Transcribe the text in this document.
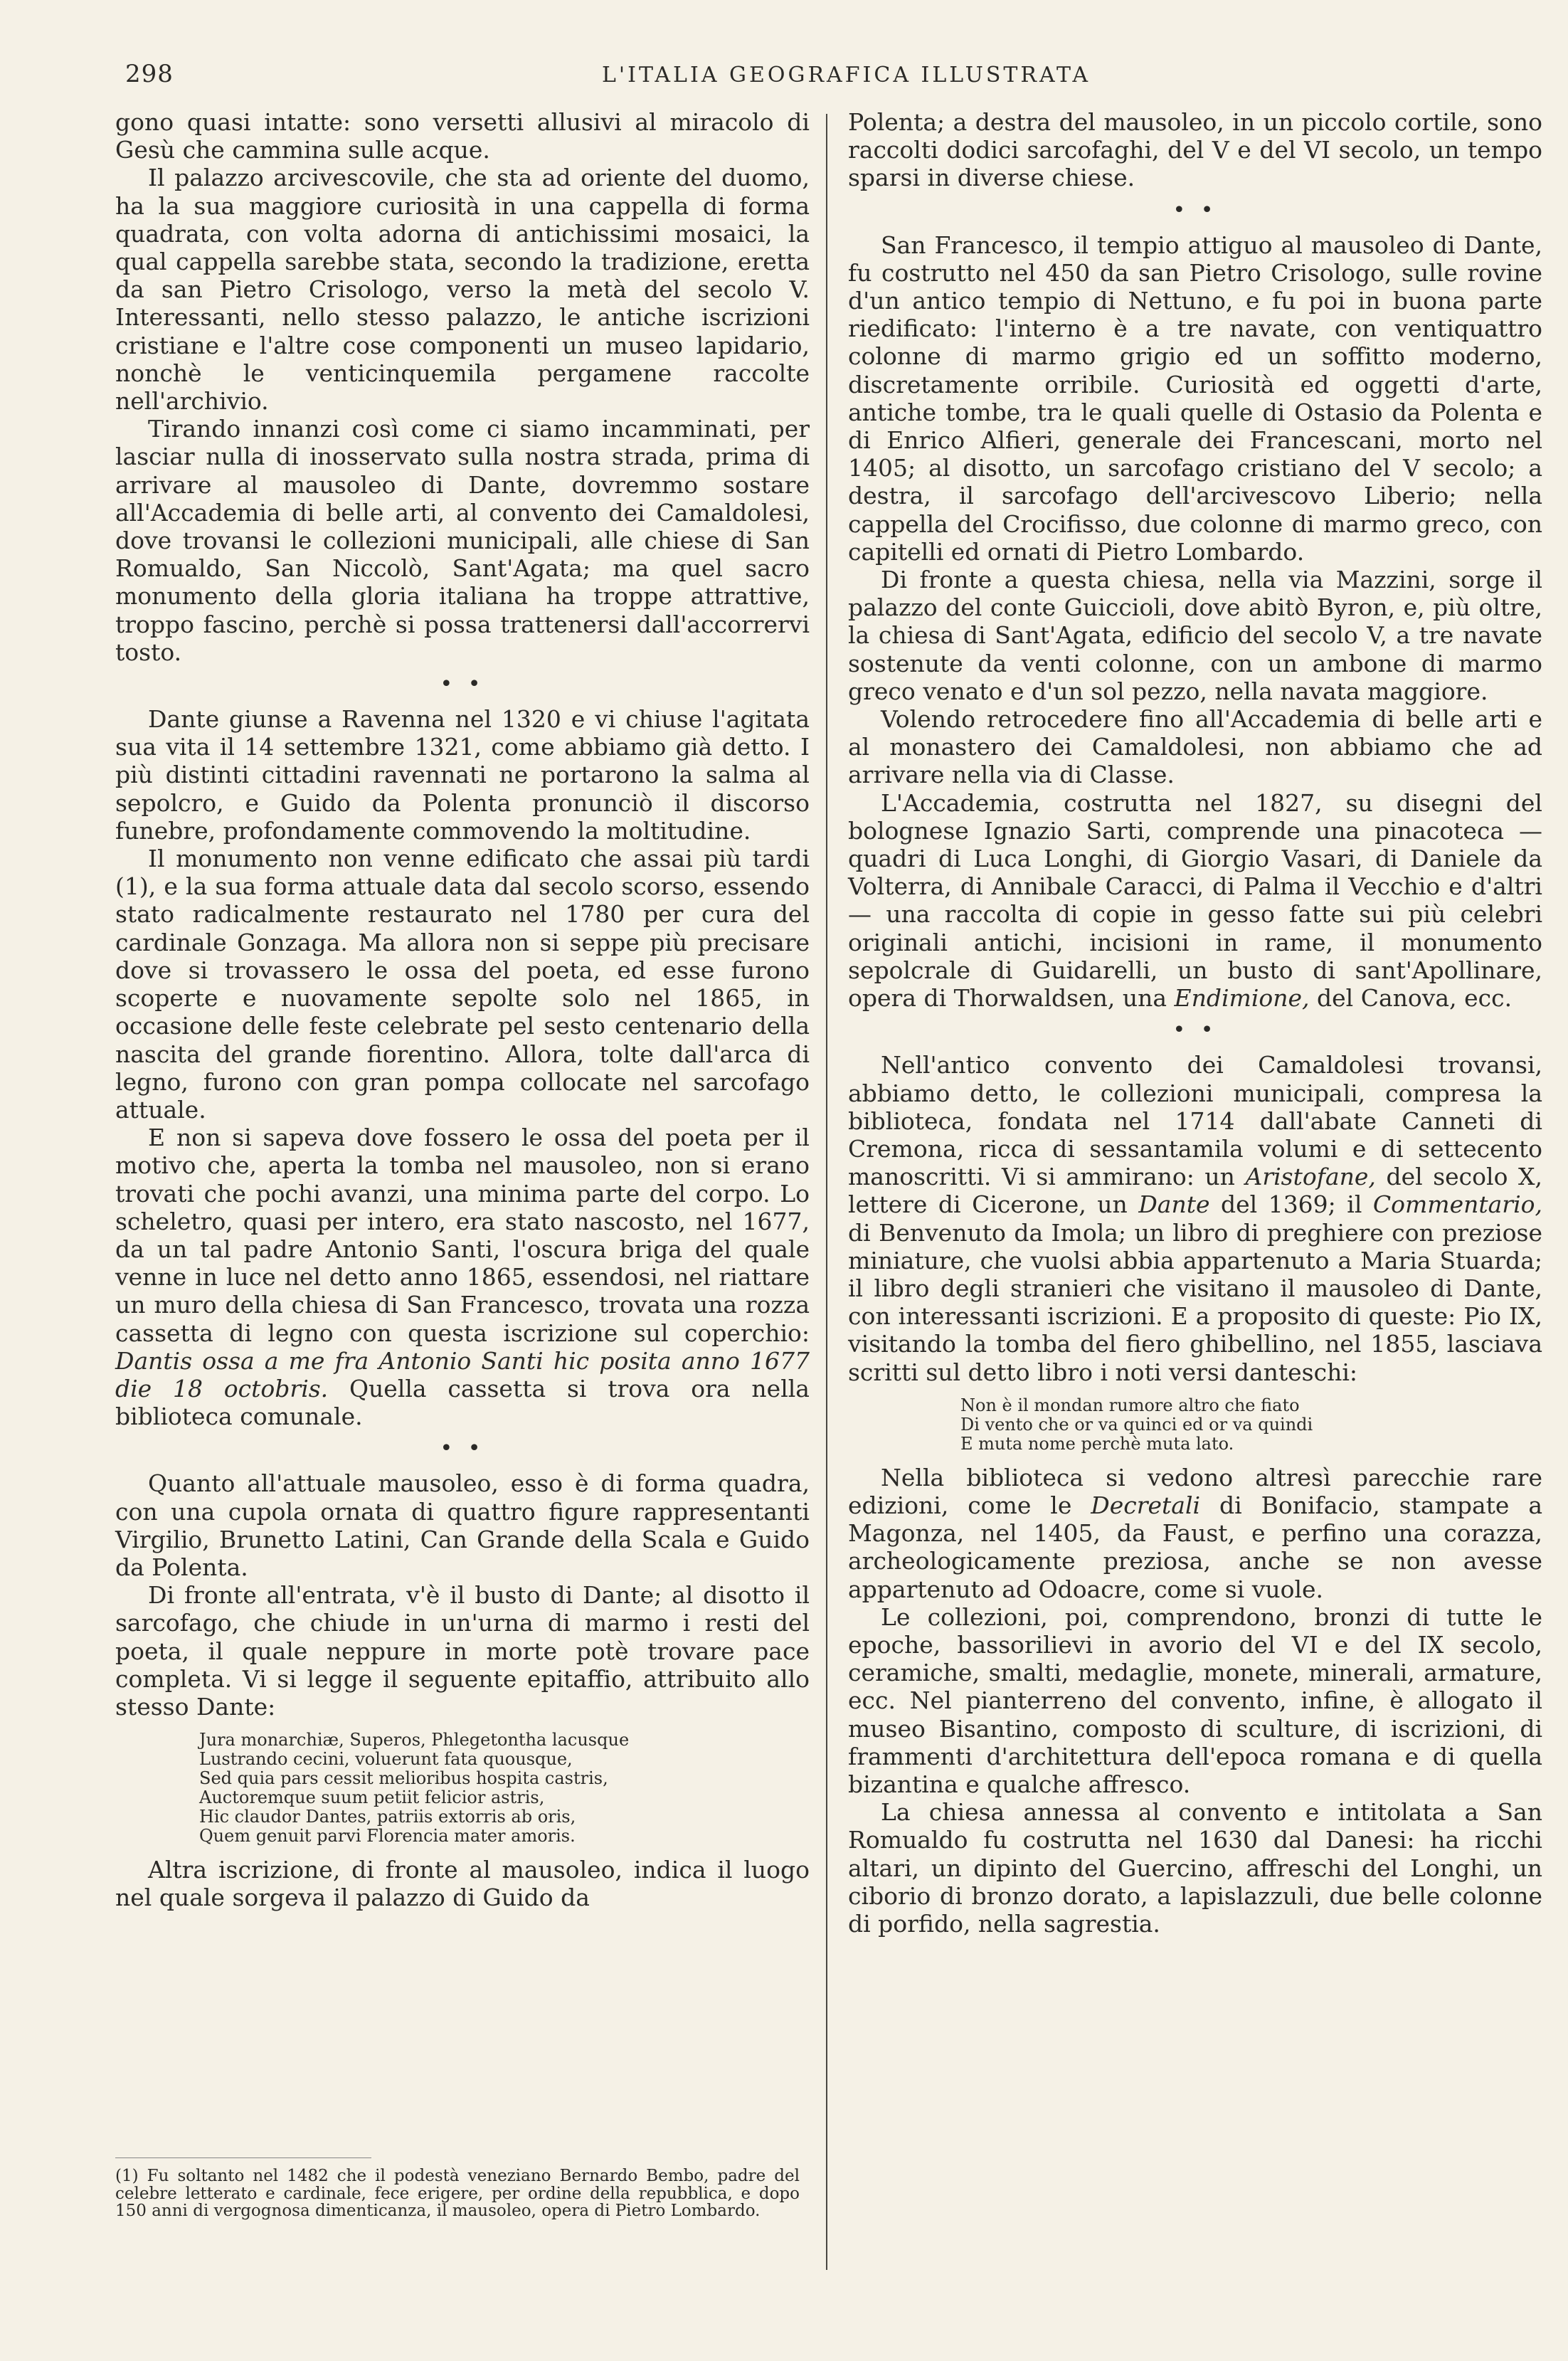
298	L'ITALIA GEOGRAFICA ILLUSTRATA

gono quasi intatte: sono versetti allusivi al miracolo di Gesù che cammina sulle acque.

Il palazzo arcivescovile, che sta ad oriente del duomo, ha la sua maggiore curiosità in una cappella di forma quadrata, con volta adorna di antichissimi mosaici, la qual cappella sarebbe stata, secondo la tradizione, eretta da san Pietro Crisologo, verso la metà del secolo V. Interessanti, nello stesso palazzo, le antiche iscrizioni cristiane e l'altre cose componenti un museo lapidario, nonchè le venticinquemila pergamene raccolte nell'archivio.

Tirando innanzi così come ci siamo incamminati, per lasciar nulla di inosservato sulla nostra strada, prima di arrivare al mausoleo di Dante, dovremmo sostare all'Accademia di belle arti, al convento dei Camaldolesi, dove trovansi le collezioni municipali, alle chiese di San Romualdo, San Niccolò, Sant'Agata; ma quel sacro monumento della gloria italiana ha troppe attrattive, troppo fascino, perchè si possa trattenersi dall'accorrervi tosto.

• •

Dante giunse a Ravenna nel 1320 e vi chiuse l'agitata sua vita il 14 settembre 1321, come abbiamo già detto. I più distinti cittadini ravennati ne portarono la salma al sepolcro, e Guido da Polenta pronunciò il discorso funebre, profondamente commovendo la moltitudine.

Il monumento non venne edificato che assai più tardi (1), e la sua forma attuale data dal secolo scorso, essendo stato radicalmente restaurato nel 1780 per cura del cardinale Gonzaga. Ma allora non si seppe più precisare dove si trovassero le ossa del poeta, ed esse furono scoperte e nuovamente sepolte solo nel 1865, in occasione delle feste celebrate pel sesto centenario della nascita del grande fiorentino. Allora, tolte dall'arca di legno, furono con gran pompa collocate nel sarcofago attuale.

E non si sapeva dove fossero le ossa del poeta per il motivo che, aperta la tomba nel mausoleo, non si erano trovati che pochi avanzi, una minima parte del corpo. Lo scheletro, quasi per intero, era stato nascosto, nel 1677, da un tal padre Antonio Santi, l'oscura briga del quale venne in luce nel detto anno 1865, essendosi, nel riattare un muro della chiesa di San Francesco, trovata una rozza cassetta di legno con questa iscrizione sul coperchio: Dantis ossa a me fra Antonio Santi hic posita anno 1677 die 18 octobris. Quella cassetta si trova ora nella biblioteca comunale.

• •

Quanto all'attuale mausoleo, esso è di forma quadra, con una cupola ornata di quattro figure rappresentanti Virgilio, Brunetto Latini, Can Grande della Scala e Guido da Polenta.

Di fronte all'entrata, v'è il busto di Dante; al disotto il sarcofago, che chiude in un'urna di marmo i resti del poeta, il quale neppure in morte potè trovare pace completa. Vi si legge il seguente epitaffio, attribuito allo stesso Dante:

Jura monarchiæ, Superos, Phlegetontha lacusque
Lustrando cecini, voluerunt fata quousque,
Sed quia pars cessit melioribus hospita castris,
Auctoremque suum petiit felicior astris,
Hic claudor Dantes, patriis extorris ab oris,
Quem genuit parvi Florencia mater amoris.

Altra iscrizione, di fronte al mausoleo, indica il luogo nel quale sorgeva il palazzo di Guido da

(1) Fu soltanto nel 1482 che il podestà veneziano Bernardo Bembo, padre del celebre letterato e cardinale, fece erigere, per ordine della repubblica, e dopo 150 anni di vergognosa dimenticanza, il mausoleo, opera di Pietro Lombardo.

Polenta; a destra del mausoleo, in un piccolo cortile, sono raccolti dodici sarcofaghi, del V e del VI secolo, un tempo sparsi in diverse chiese.

• •

San Francesco, il tempio attiguo al mausoleo di Dante, fu costrutto nel 450 da san Pietro Crisologo, sulle rovine d'un antico tempio di Nettuno, e fu poi in buona parte riedificato: l'interno è a tre navate, con ventiquattro colonne di marmo grigio ed un soffitto moderno, discretamente orribile. Curiosità ed oggetti d'arte, antiche tombe, tra le quali quelle di Ostasio da Polenta e di Enrico Alfieri, generale dei Francescani, morto nel 1405; al disotto, un sarcofago cristiano del V secolo; a destra, il sarcofago dell'arcivescovo Liberio; nella cappella del Crocifisso, due colonne di marmo greco, con capitelli ed ornati di Pietro Lombardo.

Di fronte a questa chiesa, nella via Mazzini, sorge il palazzo del conte Guiccioli, dove abitò Byron, e, più oltre, la chiesa di Sant'Agata, edificio del secolo V, a tre navate sostenute da venti colonne, con un ambone di marmo greco venato e d'un sol pezzo, nella navata maggiore.

Volendo retrocedere fino all'Accademia di belle arti e al monastero dei Camaldolesi, non abbiamo che ad arrivare nella via di Classe.

L'Accademia, costrutta nel 1827, su disegni del bolognese Ignazio Sarti, comprende una pinacoteca — quadri di Luca Longhi, di Giorgio Vasari, di Daniele da Volterra, di Annibale Caracci, di Palma il Vecchio e d'altri — una raccolta di copie in gesso fatte sui più celebri originali antichi, incisioni in rame, il monumento sepolcrale di Guidarelli, un busto di sant'Apollinare, opera di Thorwaldsen, una Endimione, del Canova, ecc.

• •

Nell'antico convento dei Camaldolesi trovansi, abbiamo detto, le collezioni municipali, compresa la biblioteca, fondata nel 1714 dall'abate Canneti di Cremona, ricca di sessantamila volumi e di settecento manoscritti. Vi si ammirano: un Aristofane, del secolo X, lettere di Cicerone, un Dante del 1369; il Commentario, di Benvenuto da Imola; un libro di preghiere con preziose miniature, che vuolsi abbia appartenuto a Maria Stuarda; il libro degli stranieri che visitano il mausoleo di Dante, con interessanti iscrizioni. E a proposito di queste: Pio IX, visitando la tomba del fiero ghibellino, nel 1855, lasciava scritti sul detto libro i noti versi danteschi:

Non è il mondan rumore altro che fiato
Di vento che or va quinci ed or va quindi
E muta nome perchè muta lato.

Nella biblioteca si vedono altresì parecchie rare edizioni, come le Decretali di Bonifacio, stampate a Magonza, nel 1405, da Faust, e perfino una corazza, archeologicamente preziosa, anche se non avesse appartenuto ad Odoacre, come si vuole.

Le collezioni, poi, comprendono, bronzi di tutte le epoche, bassorilievi in avorio del VI e del IX secolo, ceramiche, smalti, medaglie, monete, minerali, armature, ecc. Nel pianterreno del convento, infine, è allogato il museo Bisantino, composto di sculture, di iscrizioni, di frammenti d'architettura dell'epoca romana e di quella bizantina e qualche affresco.

La chiesa annessa al convento e intitolata a San Romualdo fu costrutta nel 1630 dal Danesi: ha ricchi altari, un dipinto del Guercino, affreschi del Longhi, un ciborio di bronzo dorato, a lapislazzuli, due belle colonne di porfido, nella sagrestia.
